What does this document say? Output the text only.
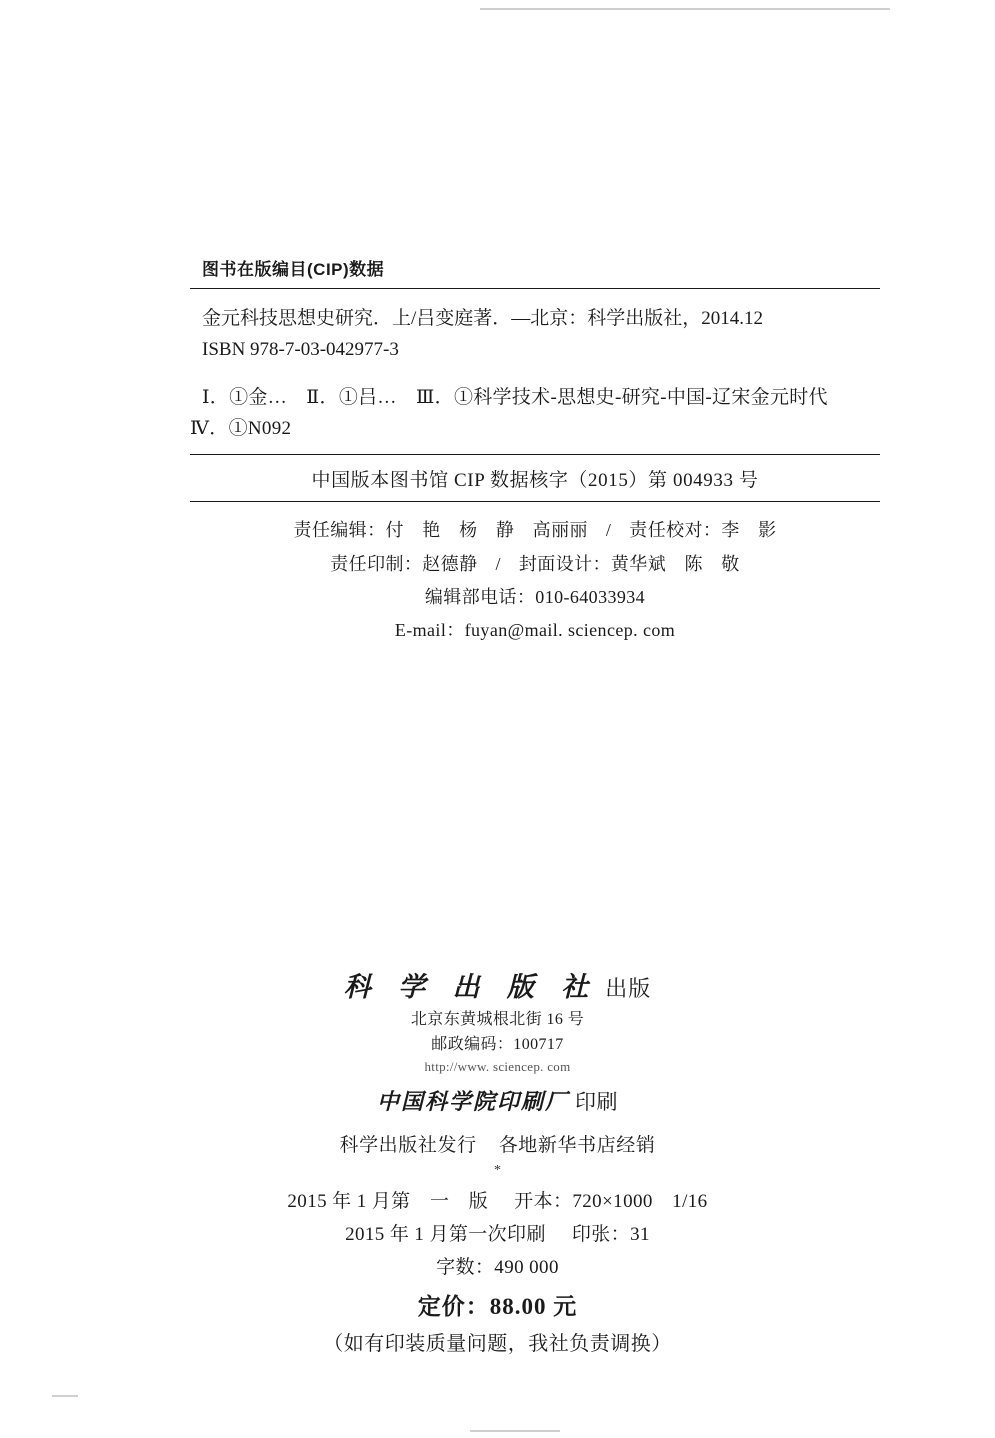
图书在版编目(CIP)数据
金元科技思想史研究．上/吕变庭著．—北京：科学出版社，2014.12
ISBN 978-7-03-042977-3
Ⅰ．①金…　Ⅱ．①吕…　Ⅲ．①科学技术-思想史-研究-中国-辽宋金元时代
Ⅳ．①N092
中国版本图书馆 CIP 数据核字（2015）第 004933 号
责任编辑：付　艳　杨　静　高丽丽 / 责任校对：李　影
责任印制：赵德静 / 封面设计：黄华斌　陈　敬
编辑部电话：010-64033934
E-mail：fuyan@mail. sciencep. com
科 学 出 版 社 出版
北京东黄城根北街 16 号
邮政编码：100717
http://www. sciencep. com
中国科学院印刷厂 印刷
科学出版社发行 各地新华书店经销
*
2015 年 1 月第　一　版 开本：720×1000　1/16
2015 年 1 月第一次印刷 印张：31
字数：490 000
定价：88.00 元
（如有印装质量问题，我社负责调换）
